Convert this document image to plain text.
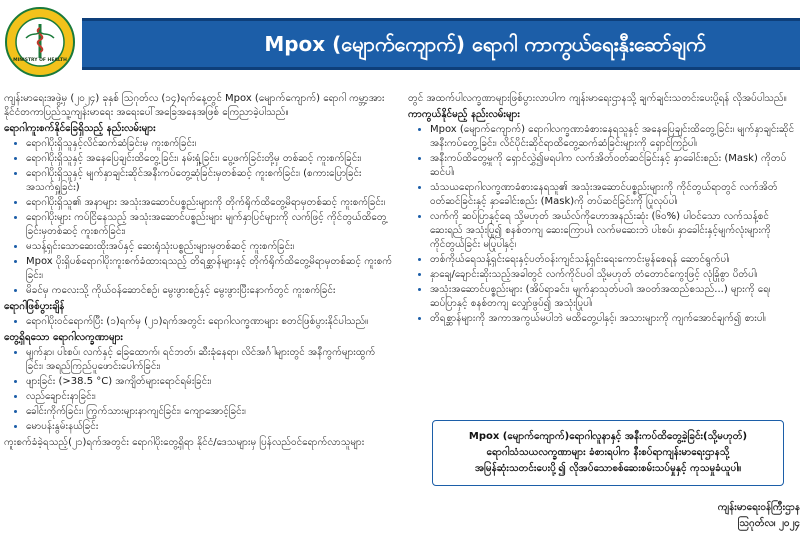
MINISTRY OF HEALTH
Mpox (မျောက်ကျောက်) ရောဂါ ကာကွယ်ရေးနှီးဆော်ချက်
ကျန်းမာရေးအဖွဲ့မှ (၂၀၂၄) ခုနှစ် ဩဂုတ်လ (၁၄)ရက်နေ့တွင် Mpox (မျောက်ကျောက်) ရောဂါ ကမ္ဘာ့အား နိုင်ငံတကာပြည်သူ့ကျန်းမာရေး အရေးပေါ်အခြေအနေအဖြစ် ကြေညာခဲ့ပါသည်။
ရောဂါကူးစက်နိုင်ခြေရှိသည့် နည်းလမ်းများ
• ရောဂါပိုးရှိသူနှင့်လိင်ဆက်ဆံခြင်းမှ ကူးစက်ခြင်း၊
• ရောဂါပိုးရှိသူနှင့် အနေပြေချင်းထိတွေ့ခြင်း၊ နမ်းရှုံ့ခြင်း၊ ပွေ့ဖက်ခြင်းတို့မှ တစ်ဆင့် ကူးစက်ခြင်း၊
• ရောဂါပိုးရှိသူနှင့် မျက်နှာချင်းဆိုင်အနီးကပ်တွေ့ဆုံခြင်းမှတစ်ဆင့် ကူးစက်ခြင်း၊ (စကားပြောခြင်း အသက်ရှူခြင်း)
• ရောဂါပိုးရှိသူ၏ အနာများ အသုံးအဆောင်ပစ္စည်းများကို တိုက်ရိုက်ထိတွေ့မိရာမှတစ်ဆင့် ကူးစက်ခြင်း၊
• ရောဂါပိုးများ ကပ်ငြိနေသည့် အသုံးအဆောင်ပစ္စည်းများ မျက်နှာပြင်များကို လက်ဖြင့် ကိုင်တွယ်ထိတွေ့ခြင်းမှတစ်ဆင့် ကူးစက်ခြင်း၊
• မသန့်ရှင်းသောဆေးထိုးအပ်နှင့် ဆေးရုံသုံးပစ္စည်းများမှတစ်ဆင့် ကူးစက်ခြင်း၊
• Mpox ပိုးရှိပစ်ရောဂါပိုးကူးစက်ခံထားရသည့် တိရစ္ဆာန်များနှင့် တိုက်ရိုက်ထိတွေ့မိရာမှတစ်ဆင့် ကူးစက်ခြင်း၊
• မိခင်မှ ကလေးသို့ ကိုယ်ဝန်ဆောင်စဉ်၊ မွေးဖွားစဉ်နှင့် မွေးဖွားပြီးနောက်တွင် ကူးစက်ခြင်း
ရောဂါဖြစ်ပွားချိန်
• ရောဂါပိုးဝင်ရောက်ပြီး (၁)ရက်မှ (၂၁)ရက်အတွင်း ရောဂါလက္ခဏာများ စတင်ဖြစ်ပွားနိုင်ပါသည်။
တွေ့ရှိရသော ရောဂါလက္ခဏာများ
• မျက်နှာ၊ ပါးစပ်၊ လက်နှင့် ခြေထောက်၊ ရင်ဘတ်၊ ဆီးခုံနေရာ၊ လိင်အင်္ဂါများတွင် အနီကွက်များထွက်ခြင်း၊ အရည်ကြည်ပူဖောင်းပေါက်ခြင်း၊
• ဖျားခြင်း (>38.5 °C) အကျိတ်များရောင်ရမ်းခြင်း၊
• လည်ချောင်းနာခြင်း၊
• ခေါင်းကိုက်ခြင်း၊ ကြွက်သားများနာကျင်ခြင်း၊ ကျောအောင့်ခြင်း၊
• မောပန်းနွမ်းနယ်ခြင်း
ကူးစက်ခံခဲ့ရသည့်(၂၁)ရက်အတွင်း ရောဂါပိုးတွေ့ရှိရာ နိုင်ငံ/ဒေသများမှ ပြန်လည်ဝင်ရောက်လာသူများ
တွင် အထက်ပါလက္ခဏာများဖြစ်ပွားလာပါက ကျန်းမာရေးဌာနသို့ ချက်ချင်းသတင်းပေးပို့ရန် လိုအပ်ပါသည်။
ကာကွယ်နိုင်မည့် နည်းလမ်းများ
• Mpox (မျောက်ကျောက်) ရောဂါလက္ခဏာခံစားနေရသူနှင့် အနေပြေချင်းထိတွေ့ခြင်း၊ မျက်နှာချင်းဆိုင် အနီးကပ်တွေ့ခြင်း၊ လိင်ပိုင်းဆိုင်ရာထိတွေ့ဆက်ဆံခြင်းများကို ရှောင်ကြဉ်ပါ၊
• အနီးကပ်ထိတွေ့မှုကို ရှောင်လွှဲ၍မရပါက လက်အိတ်ဝတ်ဆင်ခြင်းနှင့် နှာခေါင်းစည်း (Mask) ကိုတပ်ဆင်ပါ၊
• သံသယရောဂါလက္ခဏာခံစားနေရသူ၏ အသုံးအဆောင်ပစ္စည်းများကို ကိုင်တွယ်ရာတွင် လက်အိတ်ဝတ်ဆင်ခြင်းနှင့် နှာခေါင်းစည်း (Mask)ကို တပ်ဆင်ခြင်းကို ပြုလုပ်ပါ၊
• လက်ကို ဆပ်ပြာနှင့်ရေ သို့မဟုတ် အယ်လ်ကိုဟောအနည်းဆုံး (၆၀%) ပါဝင်သော လက်သန့်စင်ဆေးရည် အသုံးပြု၍ စနစ်တကျ ဆေးကြောပါ၊ လက်မဆေးဘဲ ပါးစပ်၊ နှာခေါင်းနှင့်မျက်လုံးများကို ကိုင်တွယ်ခြင်း မပြုပါနှင့်၊
• တစ်ကိုယ်ရေသန့်ရှင်းရေးနှင့်ပတ်ဝန်းကျင်သန့်ရှင်းရေးကောင်းမွန်စေရန် ဆောင်ရွက်ပါ၊
• နှာချေ/ချောင်းဆိုးသည့်အခါတွင် လက်ကိုင်ပဝါ သို့မဟုတ် တံတောင်ကွေးဖြင့် လုံခြုံစွာ ပိတ်ပါ၊
• အသုံးအဆောင်ပစ္စည်းများ (အိပ်ရာခင်း၊ မျက်နှာသုတ်ပဝါ၊ အဝတ်အထည်စသည်...) များကို ရေ၊ ဆပ်ပြာနှင့် စနစ်တကျ လျှော်ဖွပ်၍ အသုံးပြုပါ၊
• တိရစ္ဆာန်များကို အကာအကွယ်မပါဘဲ မထိတွေ့ပါနှင့်၊ အသားများကို ကျက်အောင်ချက်၍ စားပါ၊
Mpox (မျောက်ကျောက်)ရောဂါလူနာနှင့် အနီးကပ်ထိတွေ့ခဲ့ခြင်း(သို့မဟုတ်)
ရောဂါသံသယလက္ခဏာများ ခံစားရပါက နီးစပ်ရာကျန်းမာရေးဌာနသို့
အမြန်ဆုံးသတင်းပေးပို့၍ လိုအပ်သောစစ်ဆေးစမ်းသပ်မှုနှင့် ကုသမှုခံယူပါ။
ကျန်းမာရေးဝန်ကြီးဌာန
ဩဂုတ်လ၊ ၂၀၂၄
